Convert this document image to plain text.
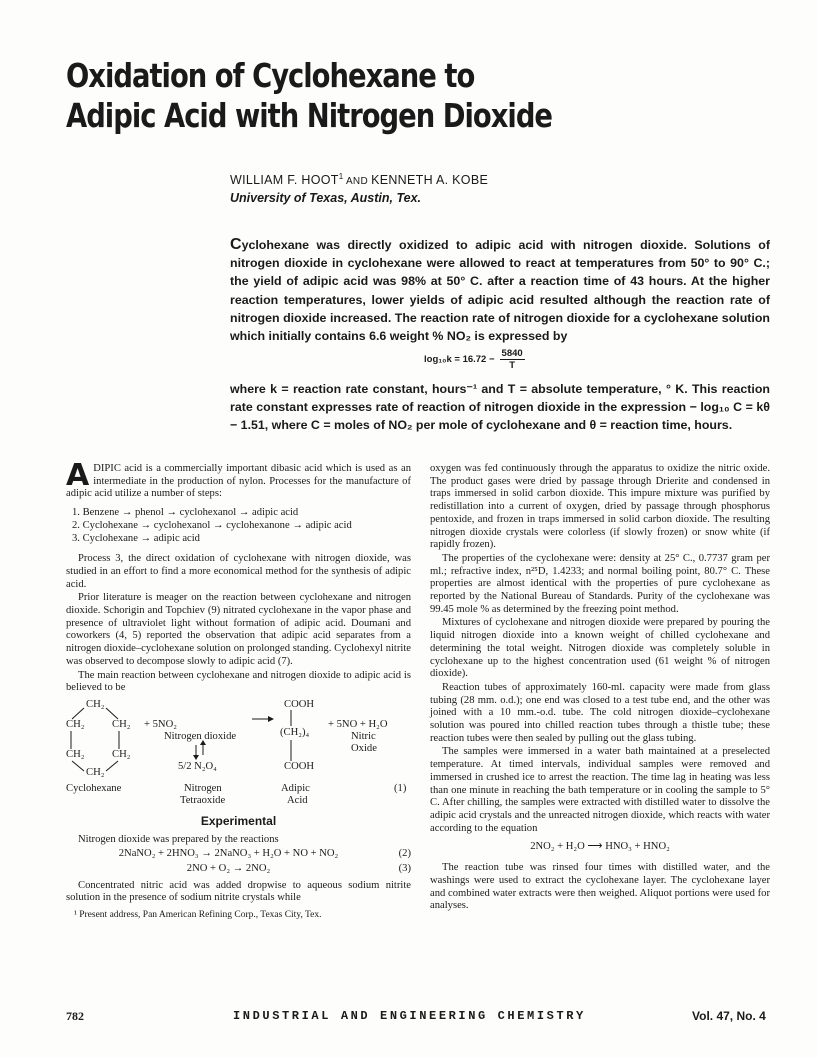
Oxidation of Cyclohexane to
Adipic Acid with Nitrogen Dioxide
WILLIAM F. HOOT$^1$ AND KENNETH A. KOBE
University of Texas, Austin, Tex.
Cyclohexane was directly oxidized to adipic acid with nitrogen dioxide. Solutions of nitrogen dioxide in cyclohexane were allowed to react at temperatures from 50° to 90° C.; the yield of adipic acid was 98% at 50° C. after a reaction time of 43 hours. At the higher reaction temperatures, lower yields of adipic acid resulted although the reaction rate of nitrogen dioxide increased. The reaction rate of nitrogen dioxide for a cyclohexane solution which initially contains 6.6 weight % NO₂ is expressed by
$\log_{10}k = 16.72 - \frac{5840}{T}$
where k = reaction rate constant, hours⁻¹ and T = absolute temperature, ° K. This reaction rate constant expresses rate of reaction of nitrogen dioxide in the expression − log₁₀ C = kθ − 1.51, where C = moles of NO₂ per mole of cyclohexane and θ = reaction time, hours.

ADIPIC acid is a commercially important dibasic acid which is used as an intermediate in the production of nylon. Processes for the manufacture of adipic acid utilize a number of steps:

1. Benzene → phenol → cyclohexanol → adipic acid
2. Cyclohexane → cyclohexanol → cyclohexanone → adipic acid
3. Cyclohexane → adipic acid

Process 3, the direct oxidation of cyclohexane with nitrogen dioxide, was studied in an effort to find a more economical method for the synthesis of adipic acid.

Prior literature is meager on the reaction between cyclohexane and nitrogen dioxide. Schorigin and Topchiev (9) nitrated cyclohexane in the vapor phase and presence of ultraviolet light without formation of adipic acid. Doumani and coworkers (4, 5) reported the observation that adipic acid separates from a nitrogen dioxide–cyclohexane solution on prolonged standing. Cyclohexyl nitrite was observed to decompose slowly to adipic acid (7).

The main reaction between cyclohexane and nitrogen dioxide to adipic acid is believed to be

CH₂
CH₂	CH₂
CH₂	CH₂
CH₂
+ 5NO₂
Nitrogen dioxide
5/2 N₂O₄
COOH
(CH₂)₄
COOH
+ 5NO + H₂O
Nitric
Oxide
Cyclohexane	Nitrogen
Tetraoxide
Adipic
Acid
(1)
Experimental

Nitrogen dioxide was prepared by the reactions

2NaNO₂ + 2HNO₃ → 2NaNO₃ + H₂O + NO + NO₂	(2)
2NO + O₂ → 2NO₂	(3)

Concentrated nitric acid was added dropwise to aqueous sodium nitrite solution in the presence of sodium nitrite crystals while

¹ Present address, Pan American Refining Corp., Texas City, Tex.

oxygen was fed continuously through the apparatus to oxidize the nitric oxide. The product gases were dried by passage through Drierite and condensed in traps immersed in solid carbon dioxide. This impure mixture was purified by redistillation into a current of oxygen, dried by passage through phosphorus pentoxide, and frozen in traps immersed in solid carbon dioxide. The resulting nitrogen dioxide crystals were colorless (if slowly frozen) or snow white (if rapidly frozen).

The properties of the cyclohexane were: density at 25° C., 0.7737 gram per ml.; refractive index, n²⁵D, 1.4233; and normal boiling point, 80.7° C. These properties are almost identical with the properties of pure cyclohexane as reported by the National Bureau of Standards. Purity of the cyclohexane was 99.45 mole % as determined by the freezing point method.

Mixtures of cyclohexane and nitrogen dioxide were prepared by pouring the liquid nitrogen dioxide into a known weight of chilled cyclohexane and determining the total weight. Nitrogen dioxide was completely soluble in cyclohexane up to the highest concentration used (61 weight % of nitrogen dioxide).

Reaction tubes of approximately 160-ml. capacity were made from glass tubing (28 mm. o.d.); one end was closed to a test tube end, and the other was joined with a 10 mm.-o.d. tube. The cold nitrogen dioxide–cyclohexane solution was poured into chilled reaction tubes through a thistle tube; these reaction tubes were then sealed by pulling out the glass tubing.

The samples were immersed in a water bath maintained at a preselected temperature. At timed intervals, individual samples were removed and immersed in crushed ice to arrest the reaction. The time lag in heating was less than one minute in reaching the bath temperature or in cooling the sample to 5° C. After chilling, the samples were extracted with distilled water to dissolve the adipic acid crystals and the unreacted nitrogen dioxide, which reacts with water according to the equation

2NO₂ + H₂O ⟶ HNO₃ + HNO₂

The reaction tube was rinsed four times with distilled water, and the washings were used to extract the cyclohexane layer. The cyclohexane layer and combined water extracts were then weighed. Aliquot portions were used for analyses.

782	INDUSTRIAL AND ENGINEERING CHEMISTRY	Vol. 47, No. 4
